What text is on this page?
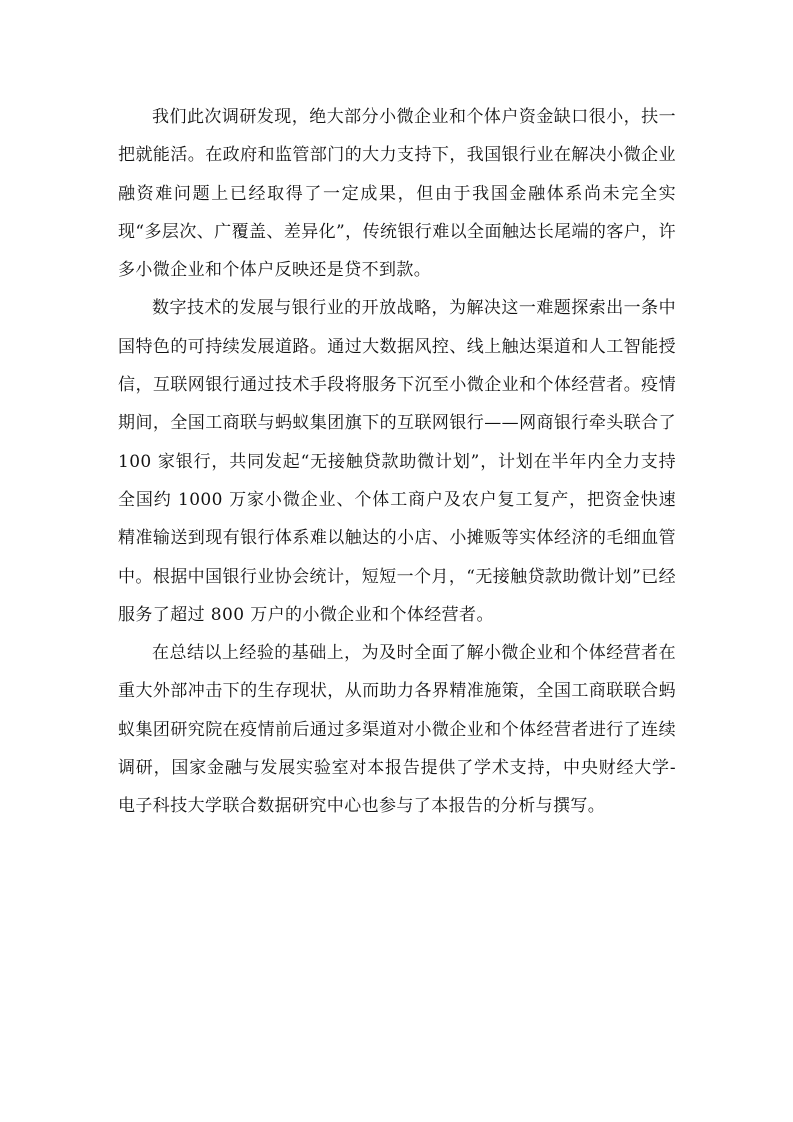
我们此次调研发现，绝大部分小微企业和个体户资金缺口很小，扶一把就能活。在政府和监管部门的大力支持下，我国银行业在解决小微企业融资难问题上已经取得了一定成果，但由于我国金融体系尚未完全实现“多层次、广覆盖、差异化”，传统银行难以全面触达长尾端的客户，许多小微企业和个体户反映还是贷不到款。

数字技术的发展与银行业的开放战略，为解决这一难题探索出一条中国特色的可持续发展道路。通过大数据风控、线上触达渠道和人工智能授信，互联网银行通过技术手段将服务下沉至小微企业和个体经营者。疫情期间，全国工商联与蚂蚁集团旗下的互联网银行——网商银行牵头联合了 100 家银行，共同发起“无接触贷款助微计划”，计划在半年内全力支持全国约 1000 万家小微企业、个体工商户及农户复工复产，把资金快速精准输送到现有银行体系难以触达的小店、小摊贩等实体经济的毛细血管中。根据中国银行业协会统计，短短一个月，“无接触贷款助微计划”已经服务了超过 800 万户的小微企业和个体经营者。

在总结以上经验的基础上，为及时全面了解小微企业和个体经营者在重大外部冲击下的生存现状，从而助力各界精准施策，全国工商联联合蚂蚁集团研究院在疫情前后通过多渠道对小微企业和个体经营者进行了连续调研，国家金融与发展实验室对本报告提供了学术支持，中央财经大学-电子科技大学联合数据研究中心也参与了本报告的分析与撰写。
